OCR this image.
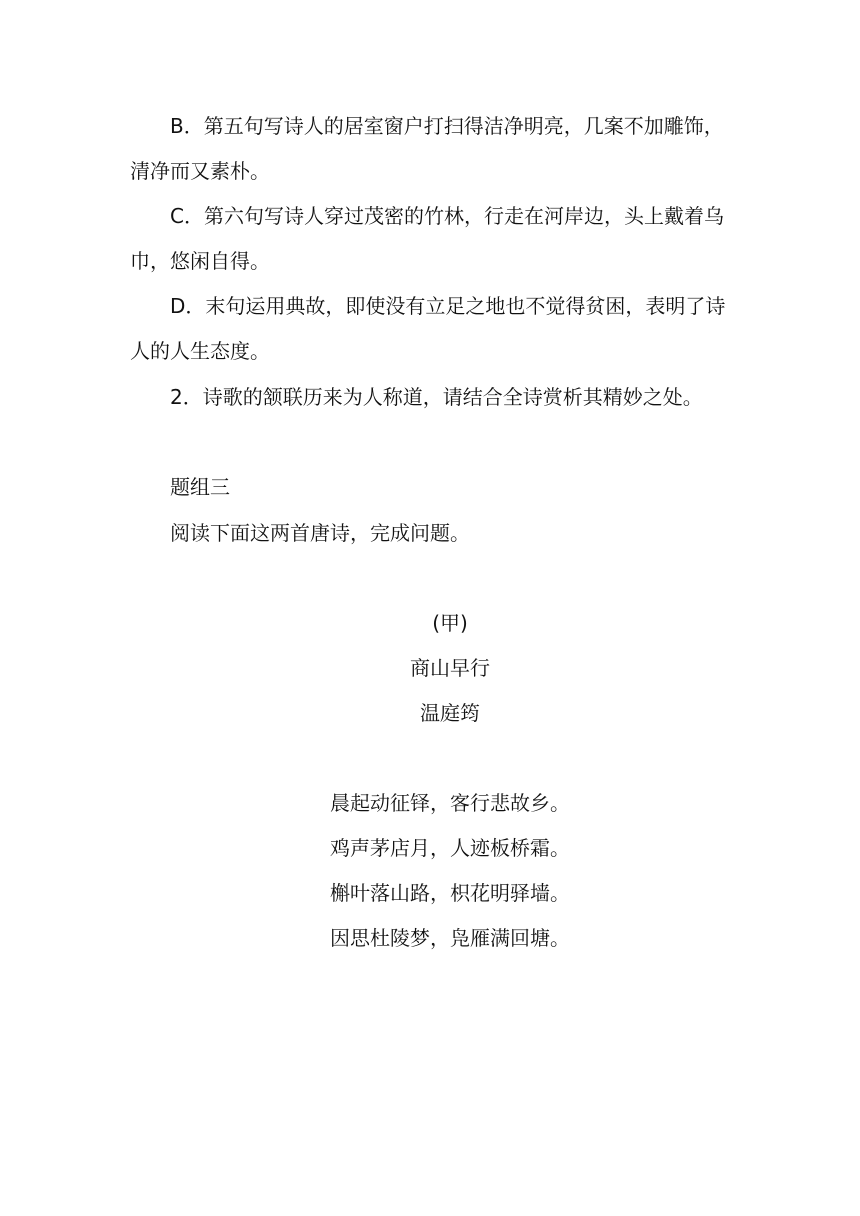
B．第五句写诗人的居室窗户打扫得洁净明亮，几案不加雕饰，清净而又素朴。

C．第六句写诗人穿过茂密的竹林，行走在河岸边，头上戴着乌巾，悠闲自得。

D．末句运用典故，即使没有立足之地也不觉得贫困，表明了诗人的人生态度。

2．诗歌的颔联历来为人称道，请结合全诗赏析其精妙之处。

题组三

阅读下面这两首唐诗，完成问题。

(甲)

商山早行

温庭筠

晨起动征铎，客行悲故乡。

鸡声茅店月，人迹板桥霜。

槲叶落山路，枳花明驿墙。

因思杜陵梦，凫雁满回塘。
